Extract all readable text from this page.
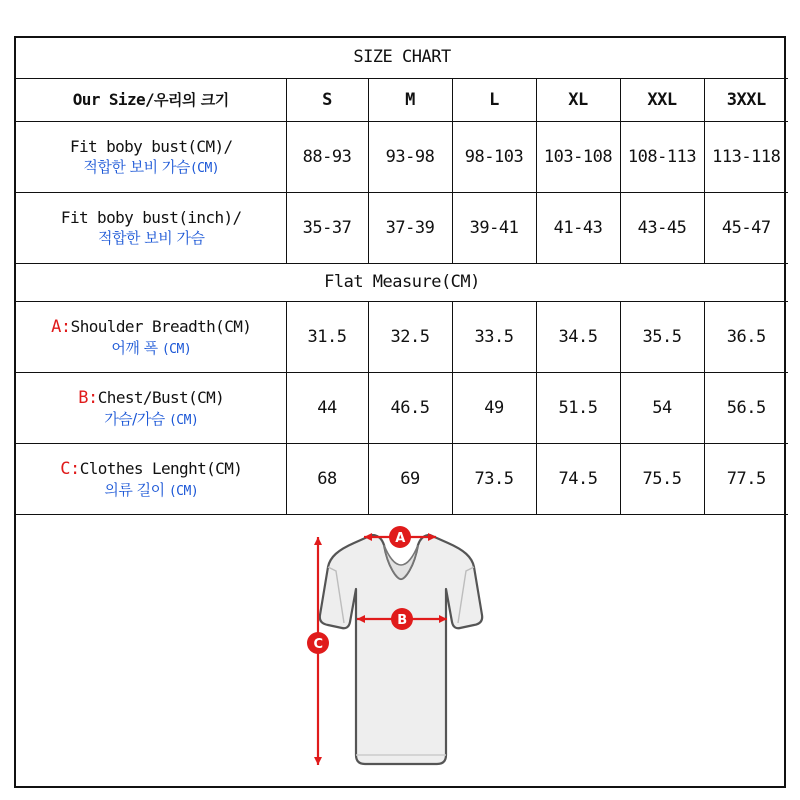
SIZE CHART						
Our Size/우리의 크기	S	M	L	XL	XXL	3XXL

Fit boby bust(CM)/
적합한 보비 가슴(CM)	88-93	93-98	98-103	103-108	108-113	113-118

Fit boby bust(inch)/
적합한 보비 가슴	35-37	37-39	39-41	41-43	43-45	45-47
Flat Measure(CM)						

A:Shoulder Breadth(CM)
어깨 폭 (CM)	31.5	32.5	33.5	34.5	35.5	36.5

B:Chest/Bust(CM)
가슴/가슴 (CM)	44	46.5	49	51.5	54	56.5

C:Clothes Lenght(CM)
의류 길이 (CM)	68	69	73.5	74.5	75.5	77.5

A
B
C						
